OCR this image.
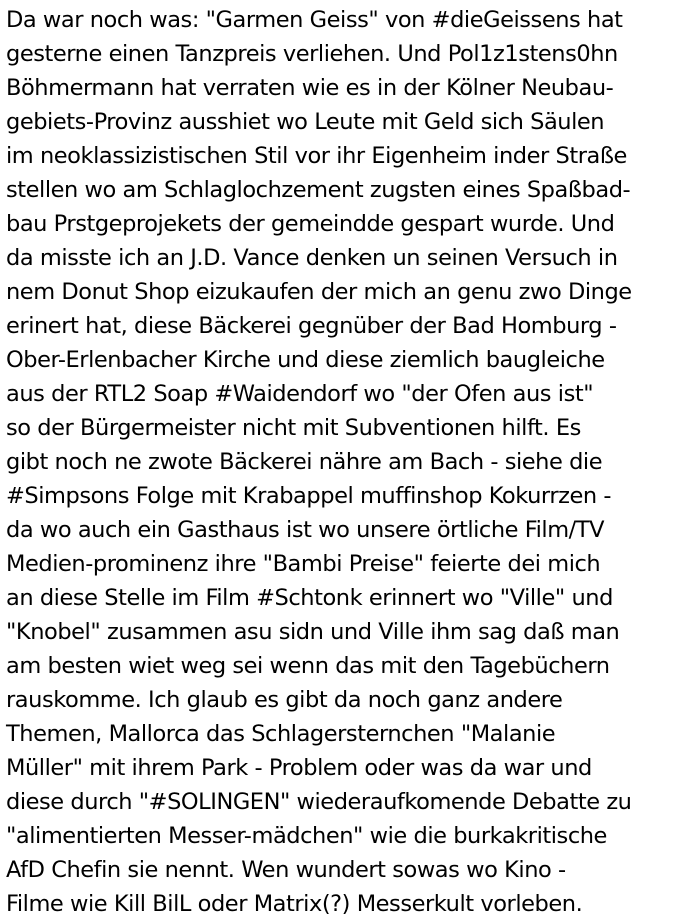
Da war noch was: "Garmen Geiss" von #dieGeissens hat
gesterne einen Tanzpreis verliehen. Und Pol1z1stens0hn
Böhmermann hat verraten wie es in der Kölner Neubau-
gebiets-Provinz ausshiet wo Leute mit Geld sich Säulen
im neoklassizistischen Stil vor ihr Eigenheim inder Straße
stellen wo am Schlaglochzement zugsten eines Spaßbad-
bau Prstgeprojekets der gemeindde gespart wurde. Und
da misste ich an J.D. Vance denken un seinen Versuch in
nem Donut Shop eizukaufen der mich an genu zwo Dinge
erinert hat, diese Bäckerei gegnüber der Bad Homburg -
Ober-Erlenbacher Kirche und diese ziemlich baugleiche
aus der RTL2 Soap #Waidendorf wo "der Ofen aus ist"
so der Bürgermeister nicht mit Subventionen hilft. Es
gibt noch ne zwote Bäckerei nähre am Bach - siehe die
#Simpsons Folge mit Krabappel muffinshop Kokurrzen -
da wo auch ein Gasthaus ist wo unsere örtliche Film/TV
Medien-prominenz ihre "Bambi Preise" feierte dei mich
an diese Stelle im Film #Schtonk erinnert wo "Ville" und
"Knobel" zusammen asu sidn und Ville ihm sag daß man
am besten wiet weg sei wenn das mit den Tagebüchern
rauskomme. Ich glaub es gibt da noch ganz andere
Themen, Mallorca das Schlagersternchen "Malanie
Müller" mit ihrem Park - Problem oder was da war und
diese durch "#SOLINGEN" wiederaufkomende Debatte zu
"alimentierten Messer-mädchen" wie die burkakritische
AfD Chefin sie nennt. Wen wundert sowas wo Kino -
Filme wie Kill BilL oder Matrix(?) Messerkult vorleben.
